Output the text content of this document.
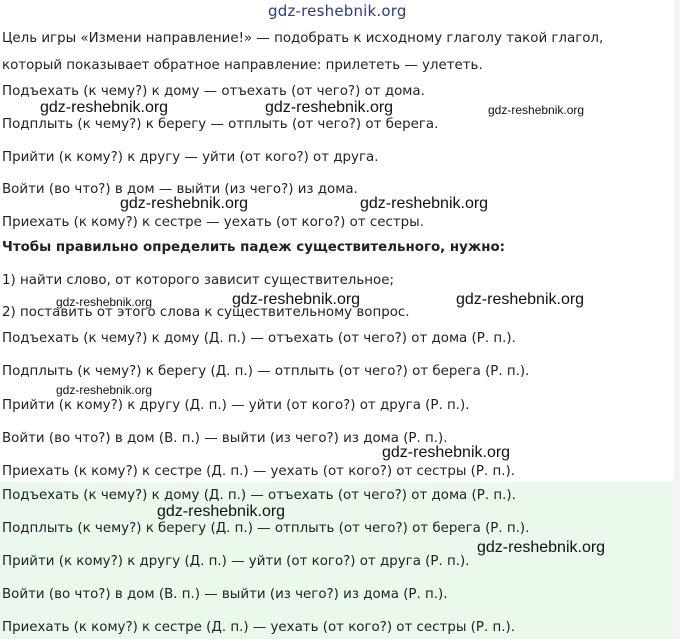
gdz-reshebnik.org
Цель игры «Измени направление!» — подобрать к исходному глаголу такой глагол,
который показывает обратное направление: прилететь — улететь.
Подъехать (к чему?) к дому — отъехать (от чего?) от дома.
Подплыть (к чему?) к берегу — отплыть (от чего?) от берега.
Прийти (к кому?) к другу — уйти (от кого?) от друга.
Войти (во что?) в дом — выйти (из чего?) из дома.
Приехать (к кому?) к сестре — уехать (от кого?) от сестры.
Чтобы правильно определить падеж существительного, нужно:
1) найти слово, от которого зависит существительное;
2) поставить от этого слова к существительному вопрос.
Подъехать (к чему?) к дому (Д. п.) — отъехать (от чего?) от дома (Р. п.).
Подплыть (к чему?) к берегу (Д. п.) — отплыть (от чего?) от берега (Р. п.).
Прийти (к кому?) к другу (Д. п.) — уйти (от кого?) от друга (Р. п.).
Войти (во что?) в дом (В. п.) — выйти (из чего?) из дома (Р. п.).
Приехать (к кому?) к сестре (Д. п.) — уехать (от кого?) от сестры (Р. п.).
Подъехать (к чему?) к дому (Д. п.) — отъехать (от чего?) от дома (Р. п.).
Подплыть (к чему?) к берегу (Д. п.) — отплыть (от чего?) от берега (Р. п.).
Прийти (к кому?) к другу (Д. п.) — уйти (от кого?) от друга (Р. п.).
Войти (во что?) в дом (В. п.) — выйти (из чего?) из дома (Р. п.).
Приехать (к кому?) к сестре (Д. п.) — уехать (от кого?) от сестры (Р. п.).
gdz-reshebnik.org	gdz-reshebnik.org	gdz-reshebnik.org
gdz-reshebnik.org	gdz-reshebnik.org
gdz-reshebnik.org	gdz-reshebnik.org	gdz-reshebnik.org
gdz-reshebnik.org
gdz-reshebnik.org
gdz-reshebnik.org
gdz-reshebnik.org
